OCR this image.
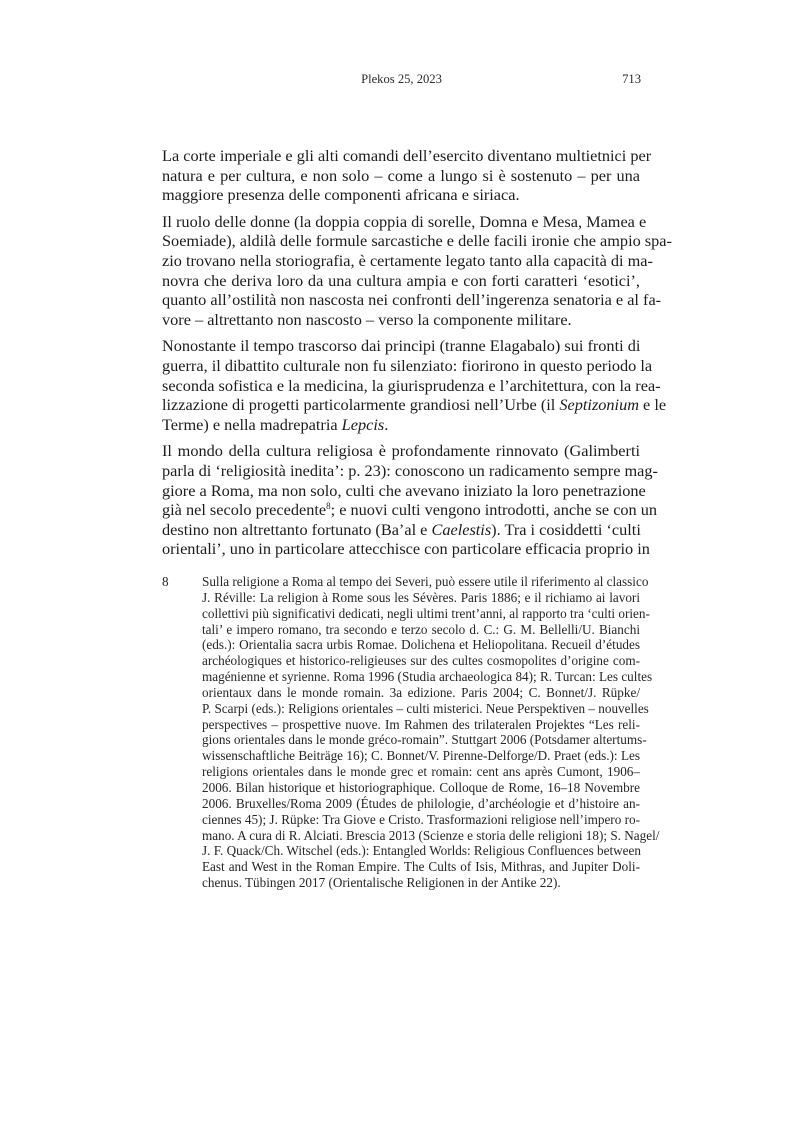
Plekos 25, 2023	713

La corte imperiale e gli alti comandi dell’esercito diventano multietnici per
natura e per cultura, e non solo – come a lungo si è sostenuto – per una
maggiore presenza delle componenti africana e siriaca.

Il ruolo delle donne (la doppia coppia di sorelle, Domna e Mesa, Mamea e
Soemiade), aldilà delle formule sarcastiche e delle facili ironie che ampio spa-
zio trovano nella storiografia, è certamente legato tanto alla capacità di ma-
novra che deriva loro da una cultura ampia e con forti caratteri ‘esotici’,
quanto all’ostilità non nascosta nei confronti dell’ingerenza senatoria e al fa-
vore – altrettanto non nascosto – verso la componente militare.

Nonostante il tempo trascorso dai principi (tranne Elagabalo) sui fronti di
guerra, il dibattito culturale non fu silenziato: fiorirono in questo periodo la
seconda sofistica e la medicina, la giurisprudenza e l’architettura, con la rea-
lizzazione di progetti particolarmente grandiosi nell’Urbe (il Septizonium e le
Terme) e nella madrepatria Lepcis.

Il mondo della cultura religiosa è profondamente rinnovato (Galimberti
parla di ‘religiosità inedita’: p. 23): conoscono un radicamento sempre mag-
giore a Roma, ma non solo, culti che avevano iniziato la loro penetrazione
già nel secolo precedente$^8$; e nuovi culti vengono introdotti, anche se con un
destino non altrettanto fortunato (Ba’al e Caelestis). Tra i cosiddetti ‘culti
orientali’, uno in particolare attecchisce con particolare efficacia proprio in

8	Sulla religione a Roma al tempo dei Severi, può essere utile il riferimento al classico
J. Réville: La religion à Rome sous les Sévères. Paris 1886; e il richiamo ai lavori
collettivi più significativi dedicati, negli ultimi trent’anni, al rapporto tra ‘culti orien-
tali’ e impero romano, tra secondo e terzo secolo d. C.: G. M. Bellelli/U. Bianchi
(eds.): Orientalia sacra urbis Romae. Dolichena et Heliopolitana. Recueil d’études
archéologiques et historico-religieuses sur des cultes cosmopolites d’origine com-
magénienne et syrienne. Roma 1996 (Studia archaeologica 84); R. Turcan: Les cultes
orientaux dans le monde romain. 3a edizione. Paris 2004; C. Bonnet/J. Rüpke/
P. Scarpi (eds.): Religions orientales – culti misterici. Neue Perspektiven – nouvelles
perspectives – prospettive nuove. Im Rahmen des trilateralen Projektes “Les reli-
gions orientales dans le monde gréco-romain”. Stuttgart 2006 (Potsdamer altertums-
wissenschaftliche Beiträge 16); C. Bonnet/V. Pirenne-Delforge/D. Praet (eds.): Les
religions orientales dans le monde grec et romain: cent ans après Cumont, 1906–
2006. Bilan historique et historiographique. Colloque de Rome, 16–18 Novembre
2006. Bruxelles/Roma 2009 (Études de philologie, d’archéologie et d’histoire an-
ciennes 45); J. Rüpke: Tra Giove e Cristo. Trasformazioni religiose nell’impero ro-
mano. A cura di R. Alciati. Brescia 2013 (Scienze e storia delle religioni 18); S. Nagel/
J. F. Quack/Ch. Witschel (eds.): Entangled Worlds: Religious Confluences between
East and West in the Roman Empire. The Cults of Isis, Mithras, and Jupiter Doli-
chenus. Tübingen 2017 (Orientalische Religionen in der Antike 22).
